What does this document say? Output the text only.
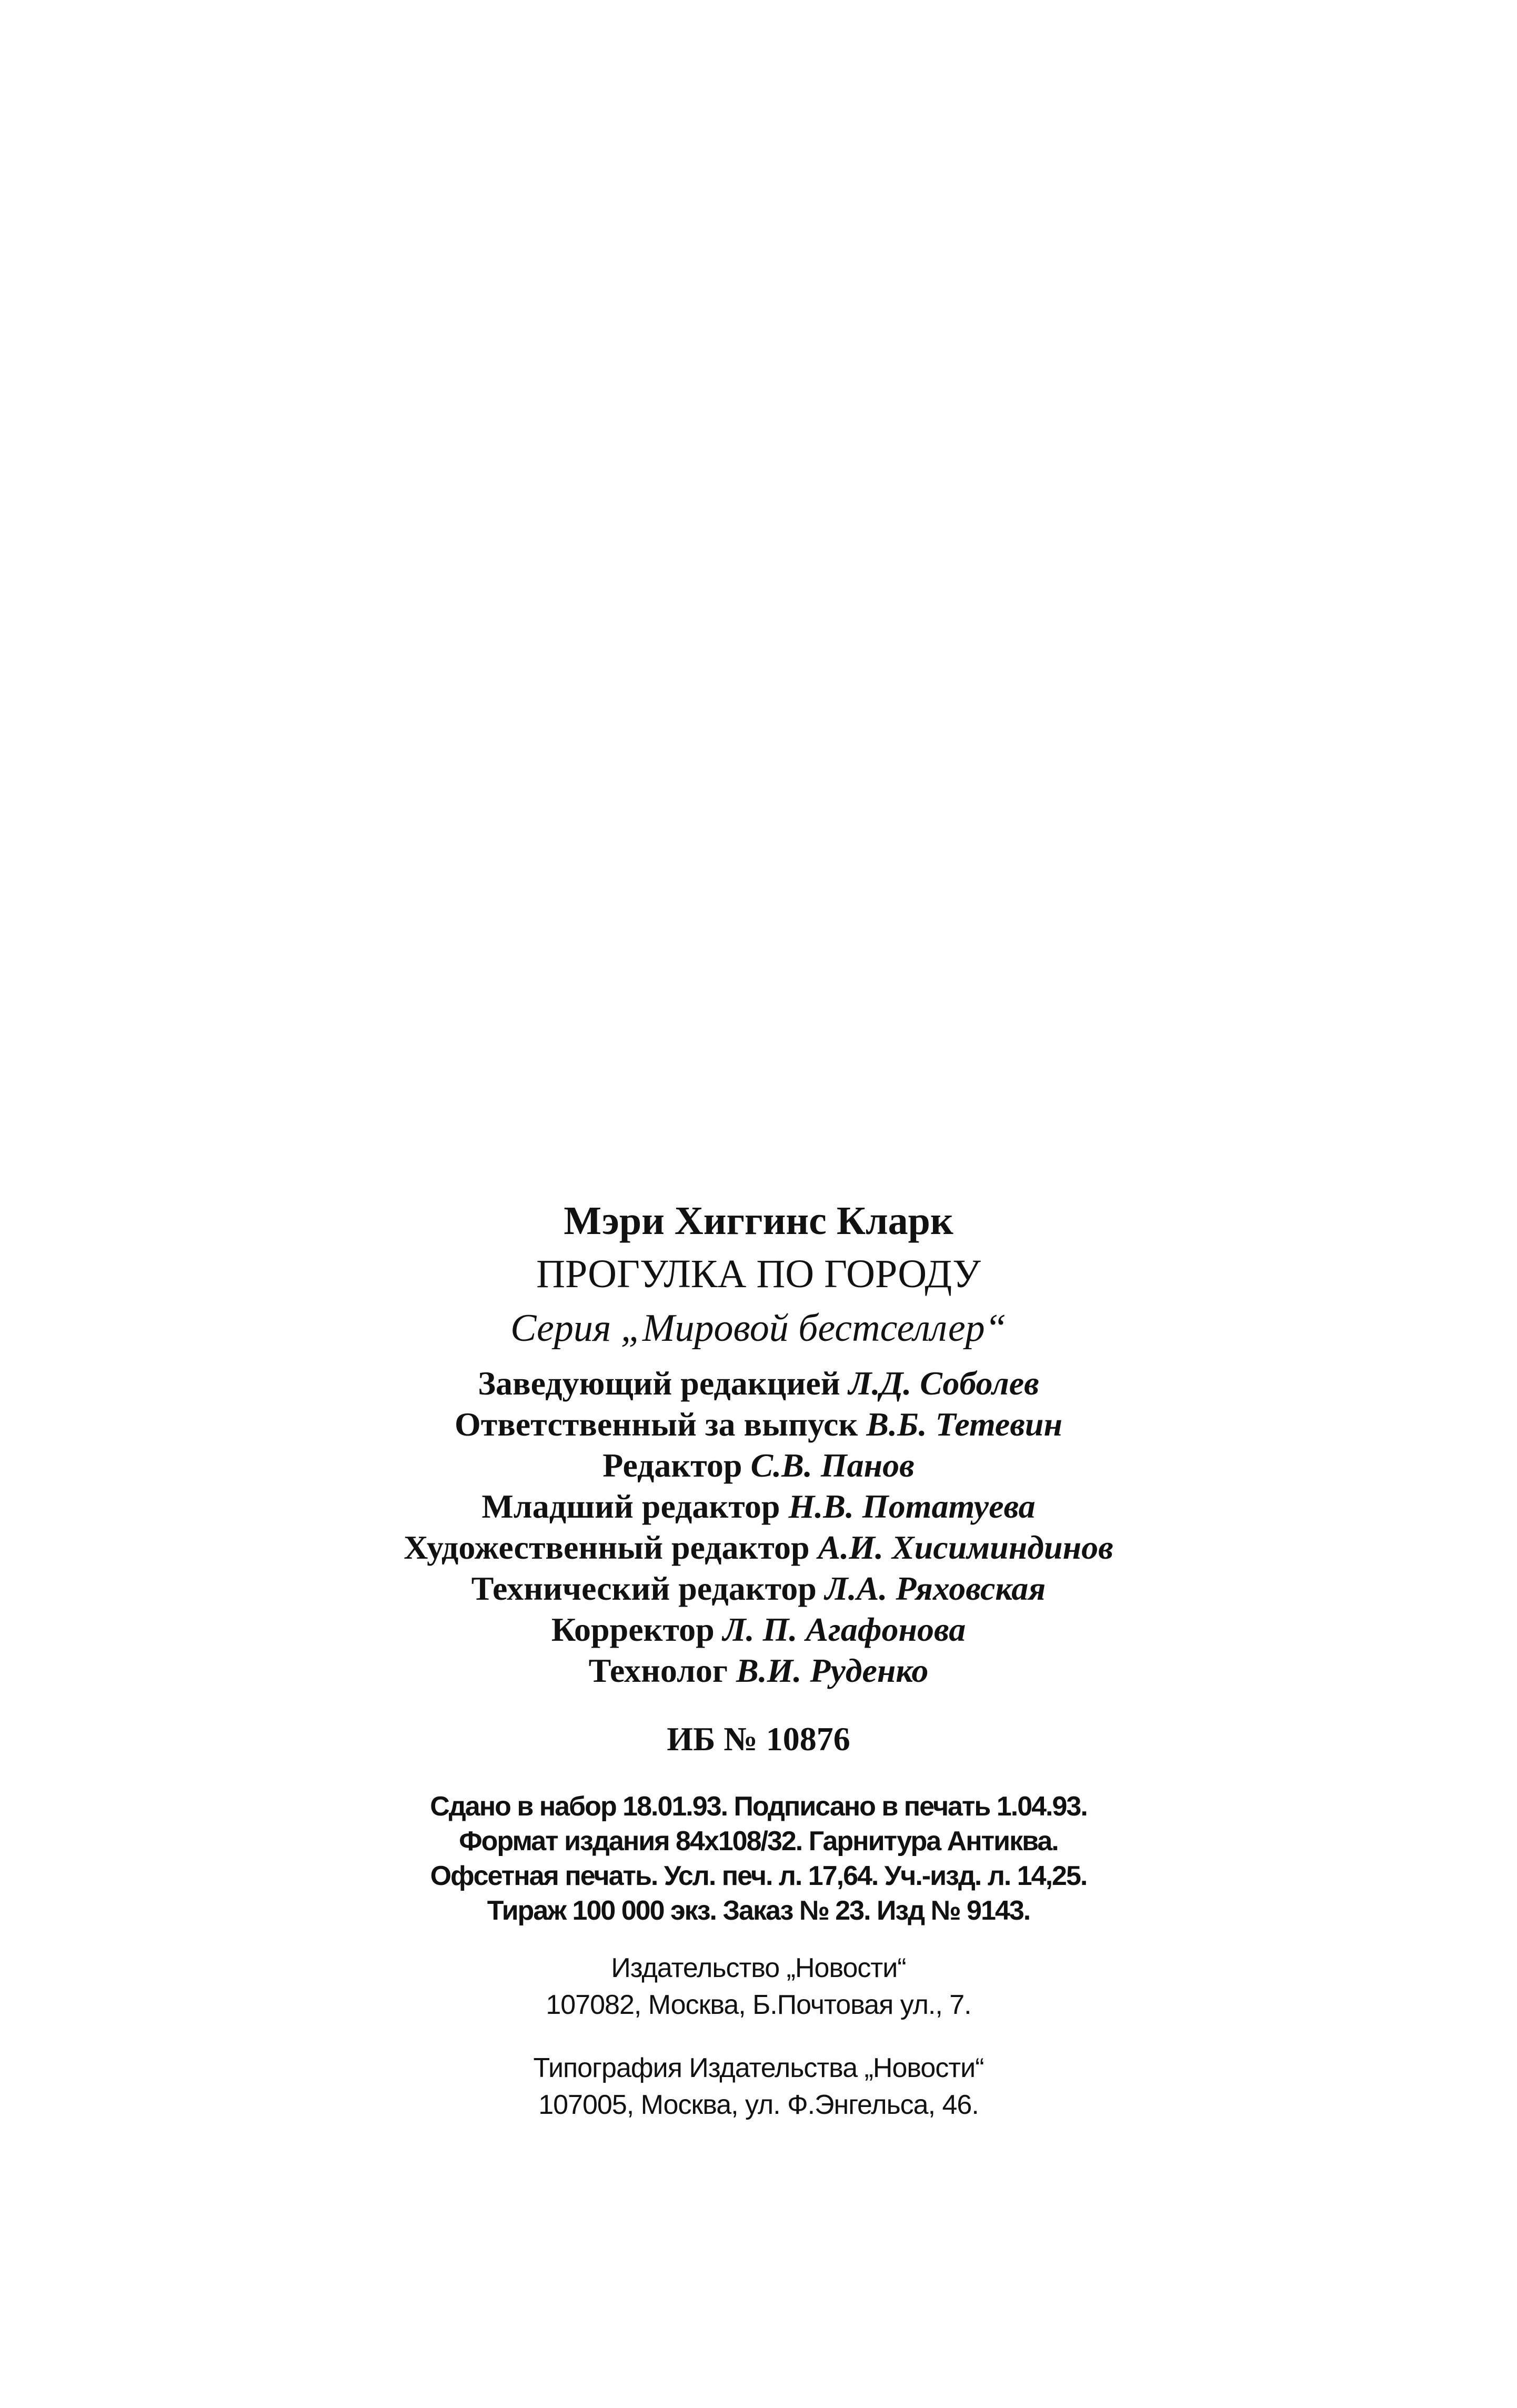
Мэри Хиггинс Кларк
ПРОГУЛКА ПО ГОРОДУ
Серия „Мировой бестселлер“
Заведующий редакцией Л.Д. Соболев
Ответственный за выпуск В.Б. Тетевин
Редактор С.В. Панов
Младший редактор Н.В. Потатуева
Художественный редактор А.И. Хисиминдинов
Технический редактор Л.А. Ряховская
Корректор Л. П. Агафонова
Технолог В.И. Руденко
ИБ № 10876
Сдано в набор 18.01.93. Подписано в печать 1.04.93.
Формат издания 84х108/32. Гарнитура Антиква.
Офсетная печать. Усл. печ. л. 17,64. Уч.-изд. л. 14,25.
Тираж 100 000 экз. Заказ № 23. Изд № 9143.
Издательство „Новости“
107082, Москва, Б.Почтовая ул., 7.
Типография Издательства „Новости“
107005, Москва, ул. Ф.Энгельса, 46.
